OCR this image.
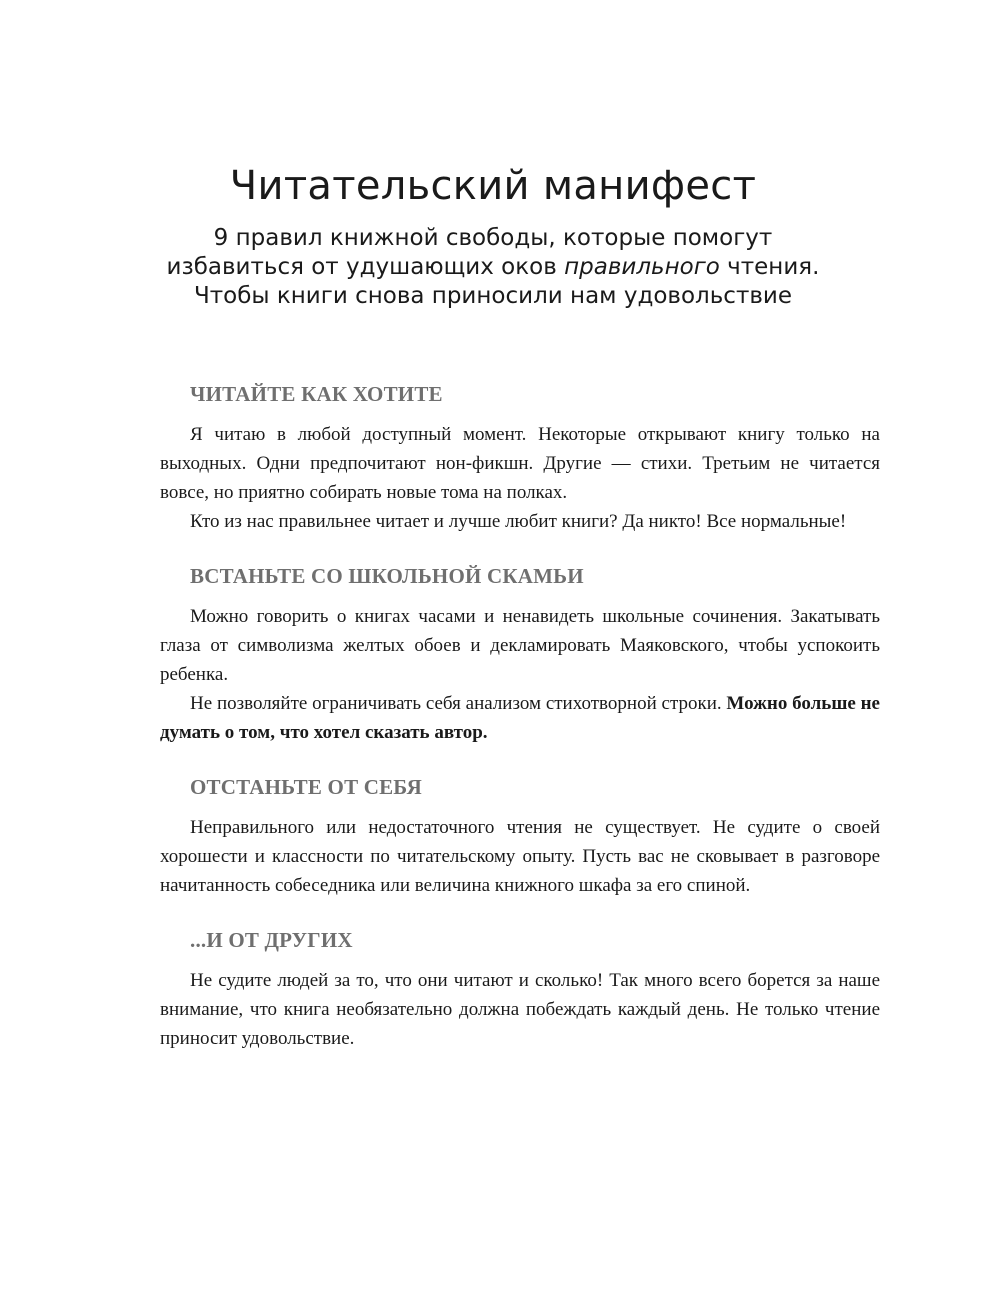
Читательский манифест

9 правил книжной свободы, которые помогут
избавиться от удушающих оков правильного чтения.
Чтобы книги снова приносили нам удовольствие

ЧИТАЙТЕ КАК ХОТИТЕ

Я читаю в любой доступный момент. Некоторые открывают книгу только на выходных. Одни предпочитают нон-фикшн. Другие — стихи. Третьим не читается вовсе, но приятно собирать новые тома на полках.

Кто из нас правильнее читает и лучше любит книги? Да никто! Все нормальные!

ВСТАНЬТЕ СО ШКОЛЬНОЙ СКАМЬИ

Можно говорить о книгах часами и ненавидеть школьные сочинения. Закатывать глаза от символизма желтых обоев и декламировать Маяковского, чтобы успокоить ребенка.

Не позволяйте ограничивать себя анализом стихотворной строки. Можно больше не думать о том, что хотел сказать автор.

ОТСТАНЬТЕ ОТ СЕБЯ

Неправильного или недостаточного чтения не существует. Не судите о своей хорошести и классности по читательскому опыту. Пусть вас не сковывает в разговоре начитанность собеседника или величина книжного шкафа за его спиной.

...И ОТ ДРУГИХ

Не судите людей за то, что они читают и сколько! Так много всего борется за наше внимание, что книга необязательно должна побеждать каждый день. Не только чтение приносит удовольствие.
